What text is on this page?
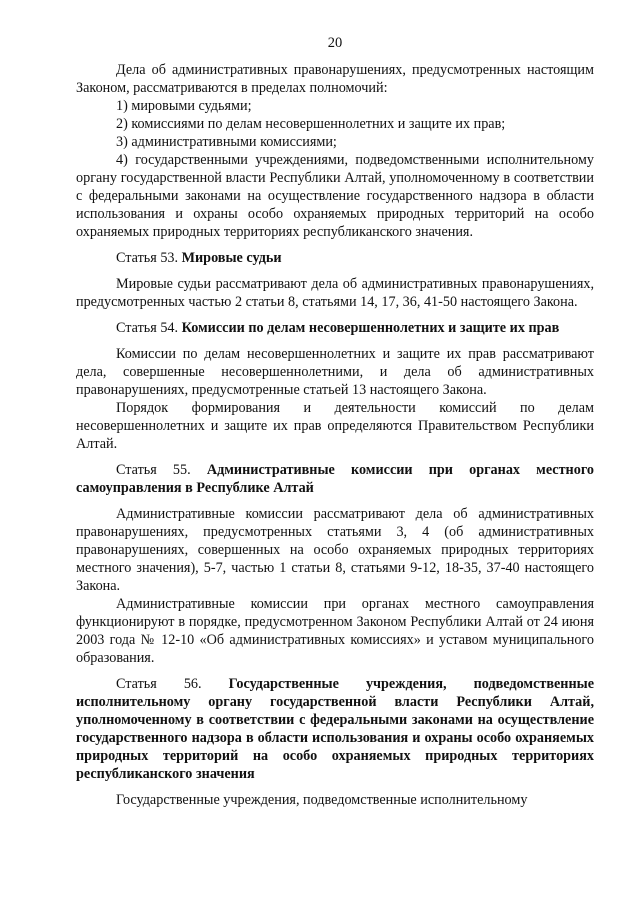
20

Дела об административных правонарушениях, предусмотренных настоящим Законом, рассматриваются в пределах полномочий:

1) мировыми судьями;

2) комиссиями по делам несовершеннолетних и защите их прав;

3) административными комиссиями;

4) государственными учреждениями, подведомственными исполнительному органу государственной власти Республики Алтай, уполномоченному в соответствии с федеральными законами на осуществление государственного надзора в области использования и охраны особо охраняемых природных территорий на особо охраняемых природных территориях республиканского значения.

Статья 53. Мировые судьи

Мировые судьи рассматривают дела об административных правонарушениях, предусмотренных частью 2 статьи 8, статьями 14, 17, 36, 41-50 настоящего Закона.

Статья 54. Комиссии по делам несовершеннолетних и защите их прав

Комиссии по делам несовершеннолетних и защите их прав рассматривают дела, совершенные несовершеннолетними, и дела об административных правонарушениях, предусмотренные статьей 13 настоящего Закона.

Порядок формирования и деятельности комиссий по делам несовершеннолетних и защите их прав определяются Правительством Республики Алтай.

Статья 55. Административные комиссии при органах местного самоуправления в Республике Алтай

Административные комиссии рассматривают дела об административных правонарушениях, предусмотренных статьями 3, 4 (об административных правонарушениях, совершенных на особо охраняемых природных территориях местного значения), 5-7, частью 1 статьи 8, статьями 9-12, 18-35, 37-40 настоящего Закона.

Административные комиссии при органах местного самоуправления функционируют в порядке, предусмотренном Законом Республики Алтай от 24 июня 2003 года № 12-10 «Об административных комиссиях» и уставом муниципального образования.

Статья 56. Государственные учреждения, подведомственные исполнительному органу государственной власти Республики Алтай, уполномоченному в соответствии с федеральными законами на осуществление государственного надзора в области использования и охраны особо охраняемых природных территорий на особо охраняемых природных территориях республиканского значения

Государственные учреждения, подведомственные исполнительному
